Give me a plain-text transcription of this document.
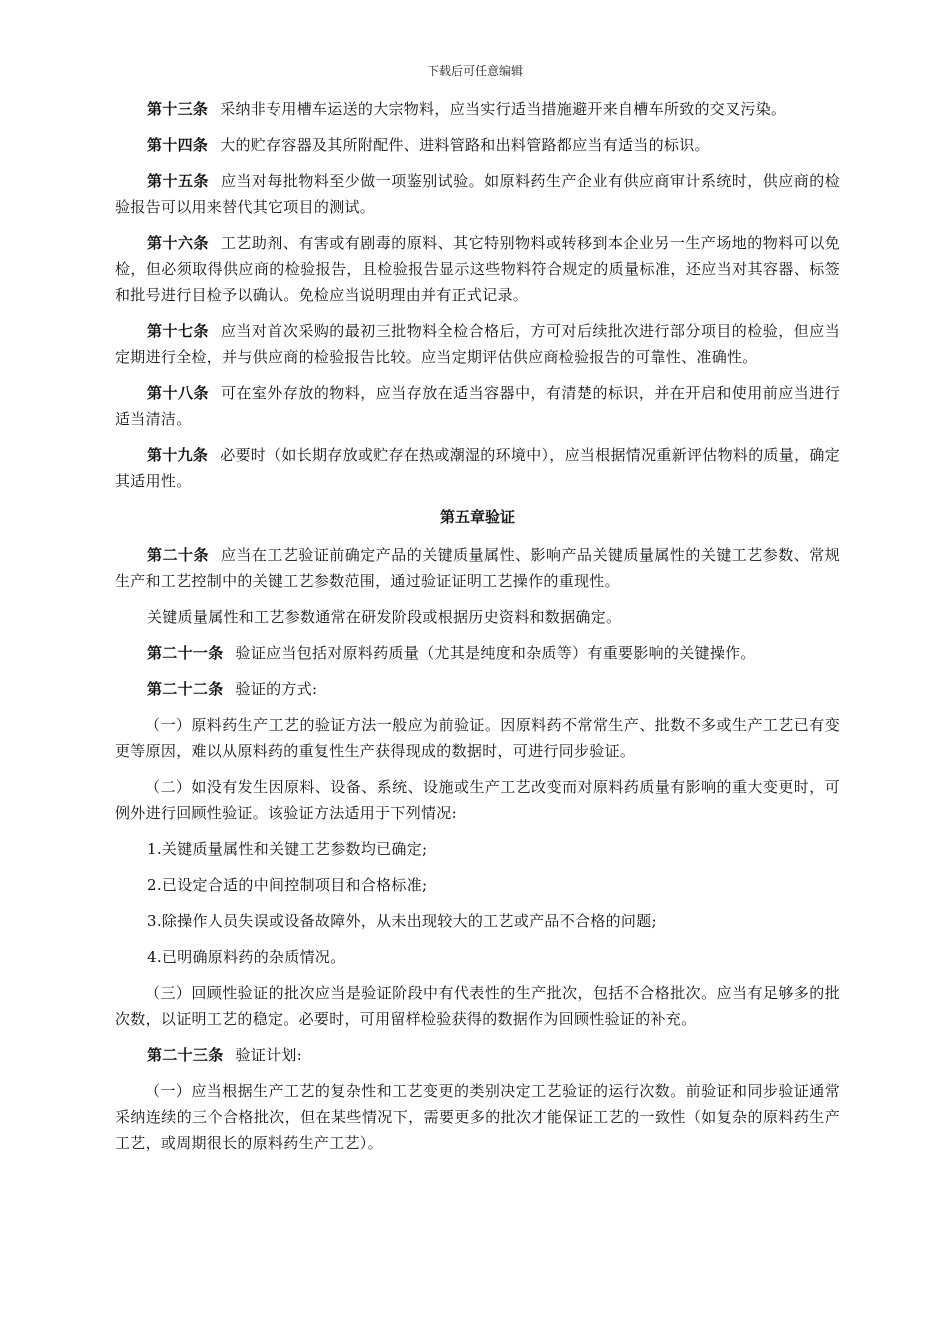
下载后可任意编辑

第十三条 采纳非专用槽车运送的大宗物料，应当实行适当措施避开来自槽车所致的交叉污染。

第十四条 大的贮存容器及其所附配件、进料管路和出料管路都应当有适当的标识。

第十五条 应当对每批物料至少做一项鉴别试验。如原料药生产企业有供应商审计系统时，供应商的检验报告可以用来替代其它项目的测试。

第十六条 工艺助剂、有害或有剧毒的原料、其它特别物料或转移到本企业另一生产场地的物料可以免检，但必须取得供应商的检验报告，且检验报告显示这些物料符合规定的质量标准，还应当对其容器、标签和批号进行目检予以确认。免检应当说明理由并有正式记录。

第十七条 应当对首次采购的最初三批物料全检合格后，方可对后续批次进行部分项目的检验，但应当定期进行全检，并与供应商的检验报告比较。应当定期评估供应商检验报告的可靠性、准确性。

第十八条 可在室外存放的物料，应当存放在适当容器中，有清楚的标识，并在开启和使用前应当进行适当清洁。

第十九条 必要时（如长期存放或贮存在热或潮湿的环境中），应当根据情况重新评估物料的质量，确定其适用性。

第五章验证

第二十条 应当在工艺验证前确定产品的关键质量属性、影响产品关键质量属性的关键工艺参数、常规生产和工艺控制中的关键工艺参数范围，通过验证证明工艺操作的重现性。

关键质量属性和工艺参数通常在研发阶段或根据历史资料和数据确定。

第二十一条 验证应当包括对原料药质量（尤其是纯度和杂质等）有重要影响的关键操作。

第二十二条 验证的方式:

（一）原料药生产工艺的验证方法一般应为前验证。因原料药不常常生产、批数不多或生产工艺已有变更等原因，难以从原料药的重复性生产获得现成的数据时，可进行同步验证。

（二）如没有发生因原料、设备、系统、设施或生产工艺改变而对原料药质量有影响的重大变更时，可例外进行回顾性验证。该验证方法适用于下列情况:

1.关键质量属性和关键工艺参数均已确定;

2.已设定合适的中间控制项目和合格标准;

3.除操作人员失误或设备故障外，从未出现较大的工艺或产品不合格的问题;

4.已明确原料药的杂质情况。

（三）回顾性验证的批次应当是验证阶段中有代表性的生产批次，包括不合格批次。应当有足够多的批次数，以证明工艺的稳定。必要时，可用留样检验获得的数据作为回顾性验证的补充。

第二十三条 验证计划:

（一）应当根据生产工艺的复杂性和工艺变更的类别决定工艺验证的运行次数。前验证和同步验证通常采纳连续的三个合格批次，但在某些情况下，需要更多的批次才能保证工艺的一致性（如复杂的原料药生产工艺，或周期很长的原料药生产工艺）。
